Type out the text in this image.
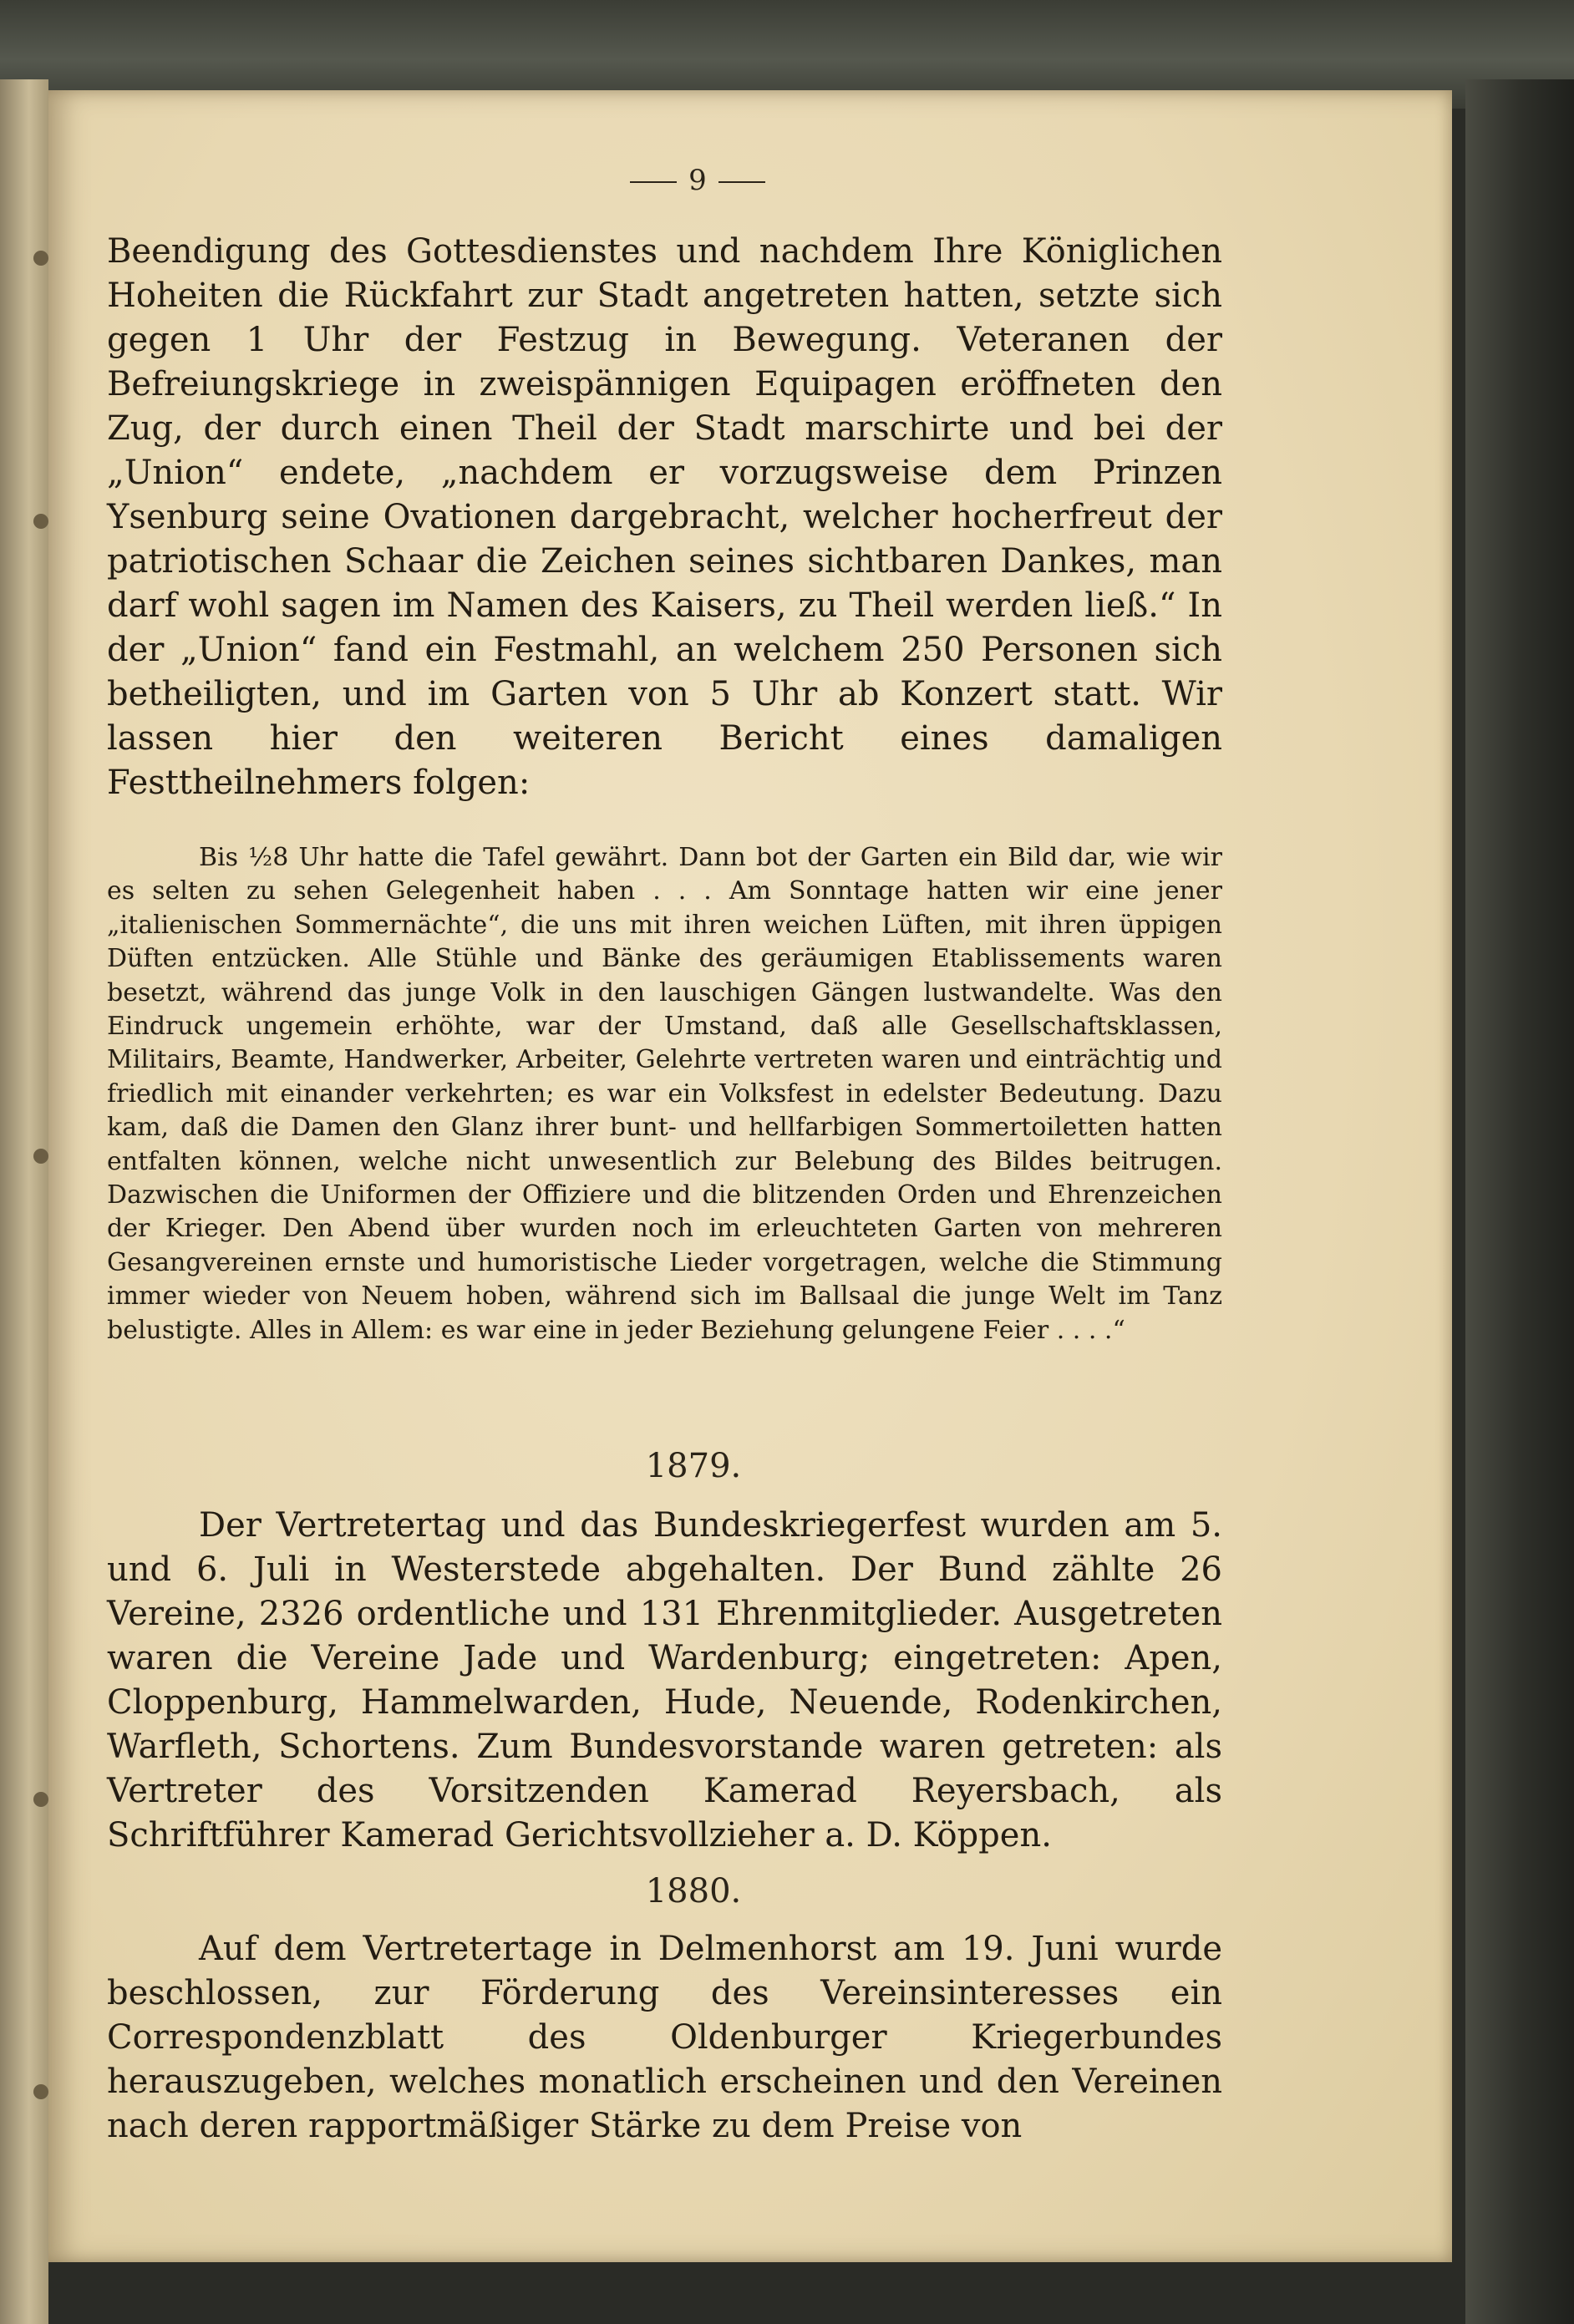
9

Beendigung des Gottesdienstes und nachdem Ihre Königlichen Hoheiten die Rückfahrt zur Stadt angetreten hatten, setzte sich gegen 1 Uhr der Festzug in Bewegung. Veteranen der Befreiungskriege in zweispännigen Equipagen eröffneten den Zug, der durch einen Theil der Stadt marschirte und bei der „Union“ endete, „nachdem er vorzugsweise dem Prinzen Ysenburg seine Ovationen dargebracht, welcher hocherfreut der patriotischen Schaar die Zeichen seines sichtbaren Dankes, man darf wohl sagen im Namen des Kaisers, zu Theil werden ließ.“ In der „Union“ fand ein Festmahl, an welchem 250 Personen sich betheiligten, und im Garten von 5 Uhr ab Konzert statt. Wir lassen hier den weiteren Bericht eines damaligen Festtheilnehmers folgen:

Bis ½8 Uhr hatte die Tafel gewährt. Dann bot der Garten ein Bild dar, wie wir es selten zu sehen Gelegenheit haben . . . Am Sonntage hatten wir eine jener „italienischen Sommernächte“, die uns mit ihren weichen Lüften, mit ihren üppigen Düften entzücken. Alle Stühle und Bänke des geräumigen Etablissements waren besetzt, während das junge Volk in den lauschigen Gängen lustwandelte. Was den Eindruck ungemein erhöhte, war der Umstand, daß alle Gesellschaftsklassen, Militairs, Beamte, Handwerker, Arbeiter, Gelehrte vertreten waren und einträchtig und friedlich mit einander verkehrten; es war ein Volksfest in edelster Bedeutung. Dazu kam, daß die Damen den Glanz ihrer bunt- und hellfarbigen Sommertoiletten hatten entfalten können, welche nicht unwesentlich zur Belebung des Bildes beitrugen. Dazwischen die Uniformen der Offiziere und die blitzenden Orden und Ehrenzeichen der Krieger. Den Abend über wurden noch im erleuchteten Garten von mehreren Gesangvereinen ernste und humoristische Lieder vorgetragen, welche die Stimmung immer wieder von Neuem hoben, während sich im Ballsaal die junge Welt im Tanz belustigte. Alles in Allem: es war eine in jeder Beziehung gelungene Feier . . . .“

1879.

Der Vertretertag und das Bundeskriegerfest wurden am 5. und 6. Juli in Westerstede abgehalten. Der Bund zählte 26 Vereine, 2326 ordentliche und 131 Ehrenmitglieder. Ausgetreten waren die Vereine Jade und Wardenburg; eingetreten: Apen, Cloppenburg, Hammelwarden, Hude, Neuende, Rodenkirchen, Warfleth, Schortens. Zum Bundesvorstande waren getreten: als Vertreter des Vorsitzenden Kamerad Reyersbach, als Schriftführer Kamerad Gerichtsvollzieher a. D. Köppen.

1880.

Auf dem Vertretertage in Delmenhorst am 19. Juni wurde beschlossen, zur Förderung des Vereinsinteresses ein Correspondenzblatt des Oldenburger Kriegerbundes herauszugeben, welches monatlich erscheinen und den Vereinen nach deren rapportmäßiger Stärke zu dem Preise von
